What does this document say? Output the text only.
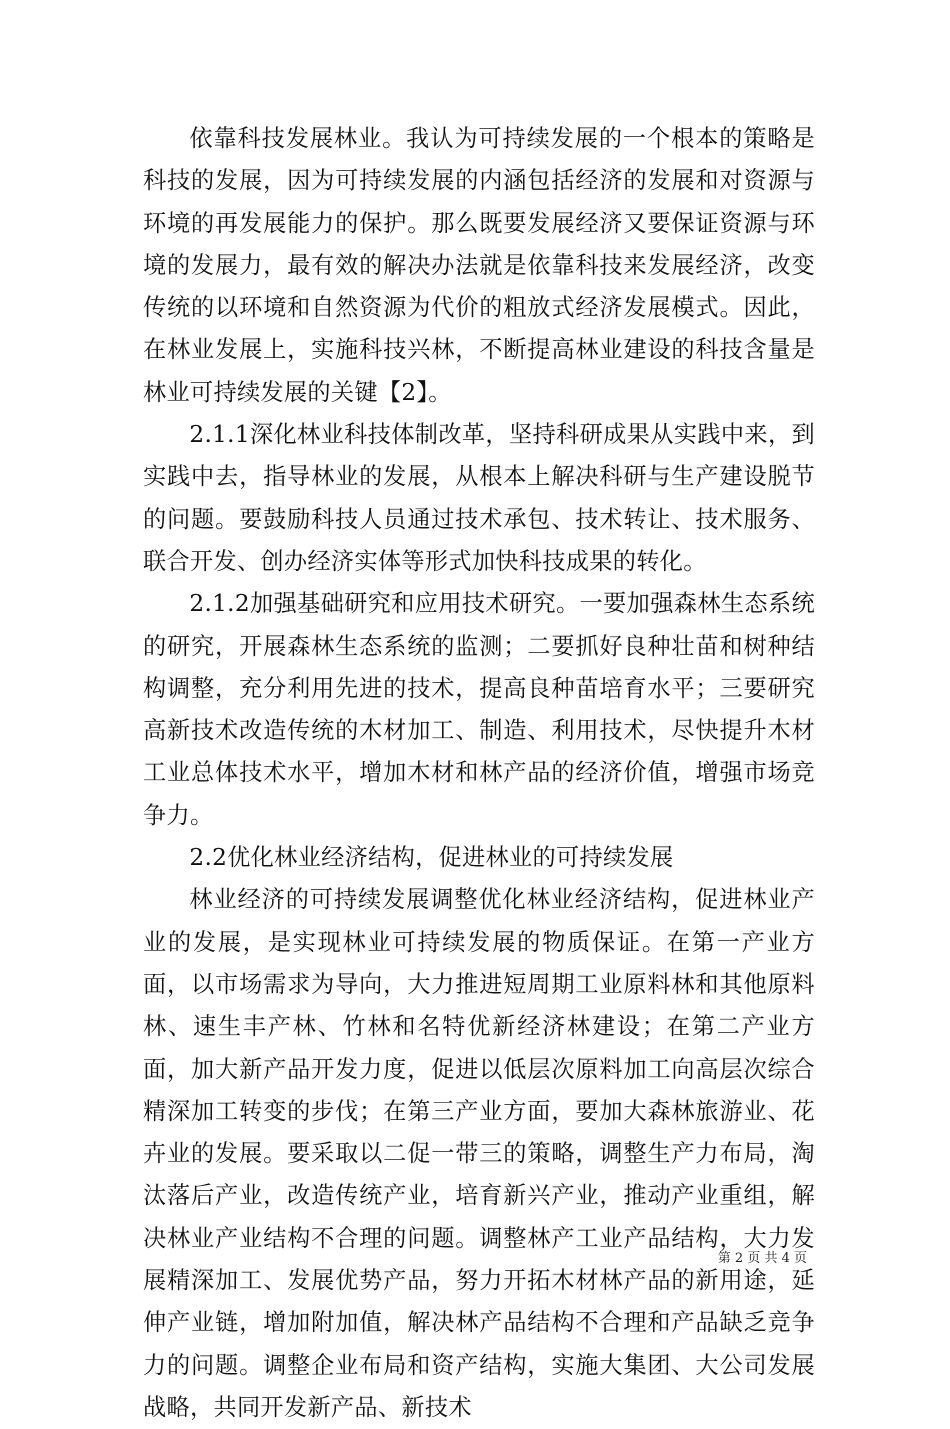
依靠科技发展林业。我认为可持续发展的一个根本的策略是科技的发展，因为可持续发展的内涵包括经济的发展和对资源与环境的再发展能力的保护。那么既要发展经济又要保证资源与环境的发展力，最有效的解决办法就是依靠科技来发展经济，改变传统的以环境和自然资源为代价的粗放式经济发展模式。因此，在林业发展上，实施科技兴林，不断提高林业建设的科技含量是林业可持续发展的关键【2】。

2.1.1深化林业科技体制改革，坚持科研成果从实践中来，到实践中去，指导林业的发展，从根本上解决科研与生产建设脱节的问题。要鼓励科技人员通过技术承包、技术转让、技术服务、联合开发、创办经济实体等形式加快科技成果的转化。

2.1.2加强基础研究和应用技术研究。一要加强森林生态系统的研究，开展森林生态系统的监测；二要抓好良种壮苗和树种结构调整，充分利用先进的技术，提高良种苗培育水平；三要研究高新技术改造传统的木材加工、制造、利用技术，尽快提升木材工业总体技术水平，增加木材和林产品的经济价值，增强市场竞争力。

2.2优化林业经济结构，促进林业的可持续发展

林业经济的可持续发展调整优化林业经济结构，促进林业产业的发展，是实现林业可持续发展的物质保证。在第一产业方面，以市场需求为导向，大力推进短周期工业原料林和其他原料林、速生丰产林、竹林和名特优新经济林建设；在第二产业方面，加大新产品开发力度，促进以低层次原料加工向高层次综合精深加工转变的步伐；在第三产业方面，要加大森林旅游业、花卉业的发展。要采取以二促一带三的策略，调整生产力布局，淘汰落后产业，改造传统产业，培育新兴产业，推动产业重组，解决林业产业结构不合理的问题。调整林产工业产品结构，大力发展精深加工、发展优势产品，努力开拓木材林产品的新用途，延伸产业链，增加附加值，解决林产品结构不合理和产品缺乏竞争力的问题。调整企业布局和资产结构，实施大集团、大公司发展战略，共同开发新产品、新技术

第 2 页 共 4 页
